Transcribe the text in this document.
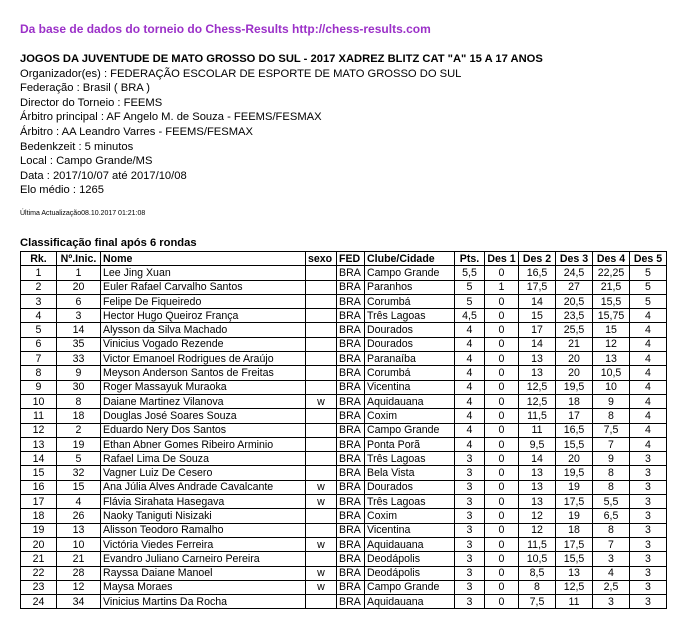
Da base de dados do torneio do Chess-Results http://chess-results.com
JOGOS DA JUVENTUDE DE MATO GROSSO DO SUL - 2017 XADREZ BLITZ CAT "A" 15 A 17 ANOS
Organizador(es) : FEDERAÇÃO ESCOLAR DE ESPORTE DE MATO GROSSO DO SUL
Federação : Brasil ( BRA )
Director do Torneio : FEEMS
Árbitro principal : AF Angelo M. de Souza - FEEMS/FESMAX
Árbitro : AA Leandro Varres - FEEMS/FESMAX
Bedenkzeit : 5 minutos
Local : Campo Grande/MS
Data : 2017/10/07 até 2017/10/08
Elo médio : 1265
Última Actualização08.10.2017 01:21:08
Classificação final após 6 rondas
Rk.	Nº.Inic.	Nome	sexo	FED	Clube/Cidade	Pts.	Des 1	Des 2	Des 3	Des 4	Des 5
1	1	Lee Jing Xuan		BRA	Campo Grande	5,5	0	16,5	24,5	22,25	5
2	20	Euler Rafael Carvalho Santos		BRA	Paranhos	5	1	17,5	27	21,5	5
3	6	Felipe De Fiqueiredo		BRA	Corumbá	5	0	14	20,5	15,5	5
4	3	Hector Hugo Queiroz França		BRA	Três Lagoas	4,5	0	15	23,5	15,75	4
5	14	Alysson da Silva Machado		BRA	Dourados	4	0	17	25,5	15	4
6	35	Vinicius Vogado Rezende		BRA	Dourados	4	0	14	21	12	4
7	33	Victor Emanoel Rodrigues de Araújo		BRA	Paranaíba	4	0	13	20	13	4
8	9	Meyson Anderson Santos de Freitas		BRA	Corumbá	4	0	13	20	10,5	4
9	30	Roger Massayuk Muraoka		BRA	Vicentina	4	0	12,5	19,5	10	4
10	8	Daiane Martinez Vilanova	w	BRA	Aquidauana	4	0	12,5	18	9	4
11	18	Douglas José Soares Souza		BRA	Coxim	4	0	11,5	17	8	4
12	2	Eduardo Nery Dos Santos		BRA	Campo Grande	4	0	11	16,5	7,5	4
13	19	Ethan Abner Gomes Ribeiro Arminio		BRA	Ponta Porã	4	0	9,5	15,5	7	4
14	5	Rafael Lima De Souza		BRA	Três Lagoas	3	0	14	20	9	3
15	32	Vagner Luiz De Cesero		BRA	Bela Vista	3	0	13	19,5	8	3
16	15	Ana Júlia Alves Andrade Cavalcante	w	BRA	Dourados	3	0	13	19	8	3
17	4	Flávia Sirahata Hasegava	w	BRA	Três Lagoas	3	0	13	17,5	5,5	3
18	26	Naoky Taniguti Nisizaki		BRA	Coxim	3	0	12	19	6,5	3
19	13	Alisson Teodoro Ramalho		BRA	Vicentina	3	0	12	18	8	3
20	10	Victória Viedes Ferreira	w	BRA	Aquidauana	3	0	11,5	17,5	7	3
21	21	Evandro Juliano Carneiro Pereira		BRA	Deodápolis	3	0	10,5	15,5	3	3
22	28	Rayssa Daiane Manoel	w	BRA	Deodápolis	3	0	8,5	13	4	3
23	12	Maysa Moraes	w	BRA	Campo Grande	3	0	8	12,5	2,5	3
24	34	Vinicius Martins Da Rocha		BRA	Aquidauana	3	0	7,5	11	3	3
